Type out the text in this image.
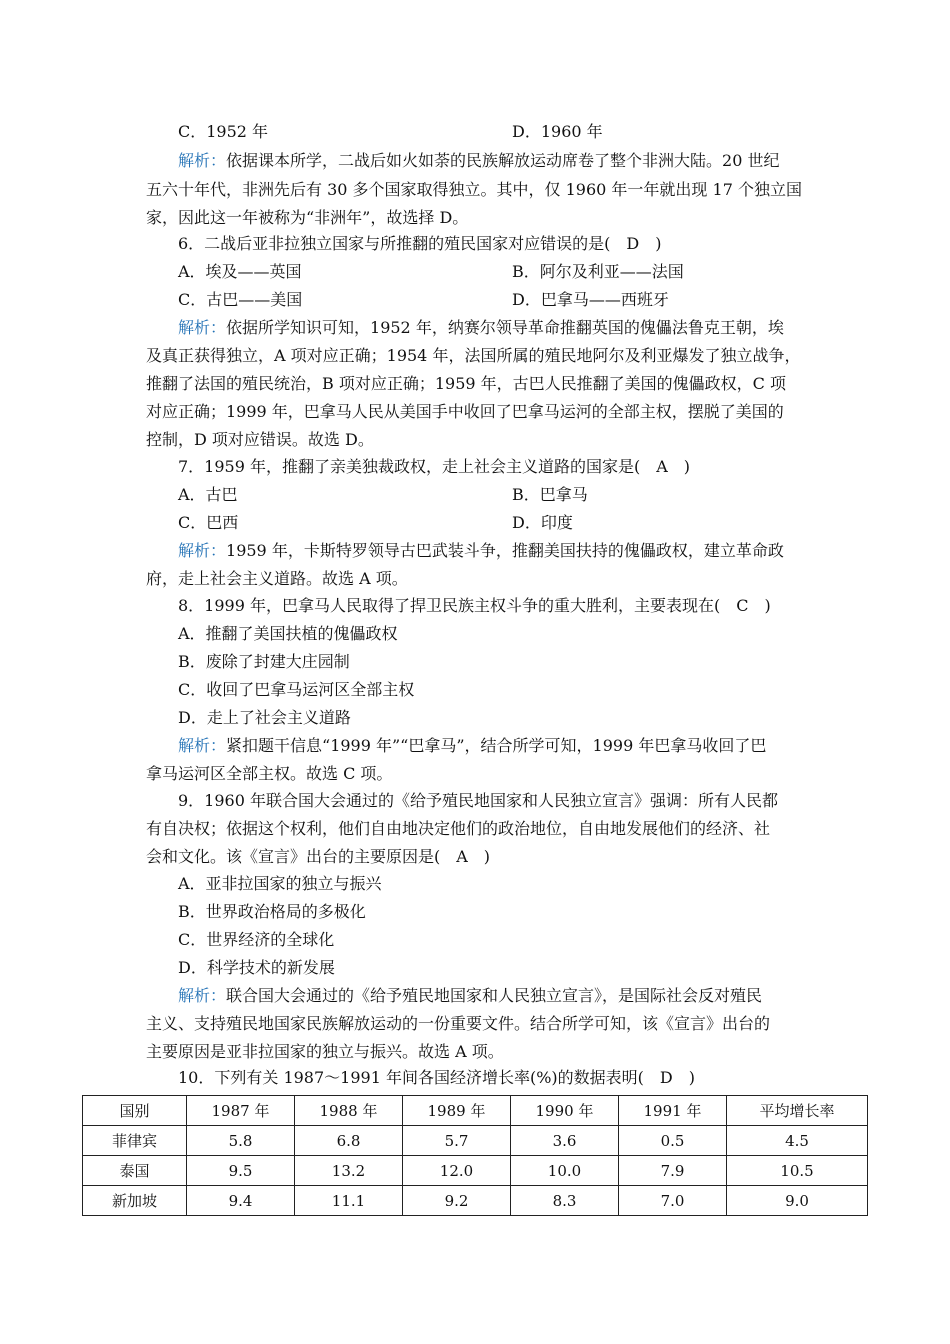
C．1952 年	D．1960 年
解析：依据课本所学，二战后如火如荼的民族解放运动席卷了整个非洲大陆。20 世纪
五六十年代，非洲先后有 30 多个国家取得独立。其中，仅 1960 年一年就出现 17 个独立国
家，因此这一年被称为“非洲年”，故选择 D。
6．二战后亚非拉独立国家与所推翻的殖民国家对应错误的是(　D　)
A．埃及——英国	B．阿尔及利亚——法国
C．古巴——美国	D．巴拿马——西班牙
解析：依据所学知识可知，1952 年，纳赛尔领导革命推翻英国的傀儡法鲁克王朝，埃
及真正获得独立，A 项对应正确；1954 年，法国所属的殖民地阿尔及利亚爆发了独立战争，
推翻了法国的殖民统治，B 项对应正确；1959 年，古巴人民推翻了美国的傀儡政权，C 项
对应正确；1999 年，巴拿马人民从美国手中收回了巴拿马运河的全部主权，摆脱了美国的
控制，D 项对应错误。故选 D。
7．1959 年，推翻了亲美独裁政权，走上社会主义道路的国家是(　A　)
A．古巴	B．巴拿马
C．巴西	D．印度
解析：1959 年，卡斯特罗领导古巴武装斗争，推翻美国扶持的傀儡政权，建立革命政
府，走上社会主义道路。故选 A 项。
8．1999 年，巴拿马人民取得了捍卫民族主权斗争的重大胜利，主要表现在(　C　)
A．推翻了美国扶植的傀儡政权
B．废除了封建大庄园制
C．收回了巴拿马运河区全部主权
D．走上了社会主义道路
解析：紧扣题干信息“1999 年”“巴拿马”，结合所学可知，1999 年巴拿马收回了巴
拿马运河区全部主权。故选 C 项。
9．1960 年联合国大会通过的《给予殖民地国家和人民独立宣言》强调：所有人民都
有自决权；依据这个权利，他们自由地决定他们的政治地位，自由地发展他们的经济、社
会和文化。该《宣言》出台的主要原因是(　A　)
A．亚非拉国家的独立与振兴
B．世界政治格局的多极化
C．世界经济的全球化
D．科学技术的新发展
解析：联合国大会通过的《给予殖民地国家和人民独立宣言》，是国际社会反对殖民
主义、支持殖民地国家民族解放运动的一份重要文件。结合所学可知，该《宣言》出台的
主要原因是亚非拉国家的独立与振兴。故选 A 项。
10．下列有关 1987～1991 年间各国经济增长率(%)的数据表明(　D　)
国别	1987 年	1988 年	1989 年	1990 年	1991 年	平均增长率
菲律宾	5.8	6.8	5.7	3.6	0.5	4.5
泰国	9.5	13.2	12.0	10.0	7.9	10.5
新加坡	9.4	11.1	9.2	8.3	7.0	9.0
